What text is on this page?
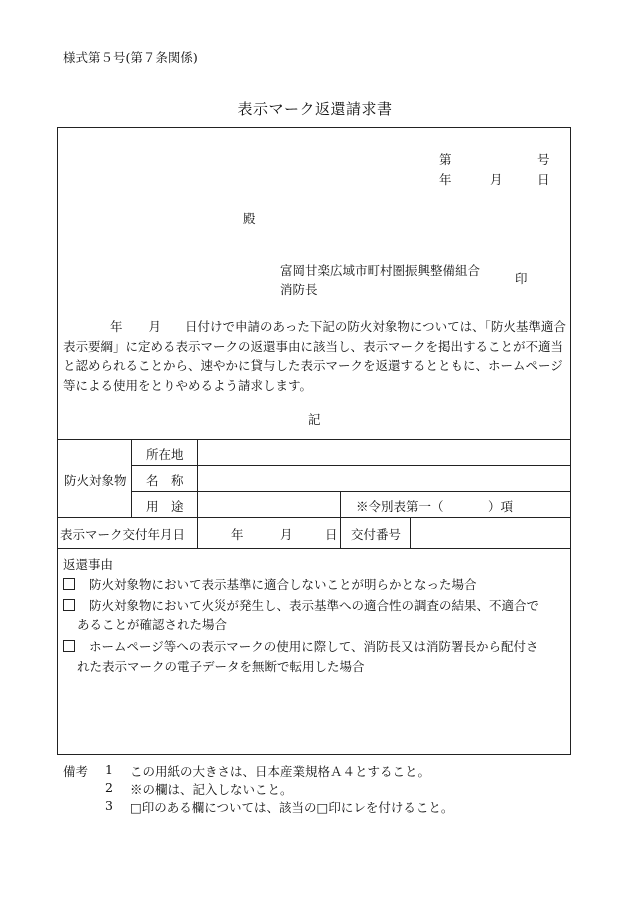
様式第５号(第７条関係)
表示マーク返還請求書
第	号
年	月	日
殿
富岡甘楽広域市町村圏振興整備組合
消防長
印
年 月 日付けで申請のあった下記の防火対象物については、「防火基準適合表示要綱」に定める表示マークの返還事由に該当し、表示マークを掲出することが不適当と認められることから、速やかに貸与した表示マークを返還するとともに、ホームページ等による使用をとりやめるよう請求します。
記
防火対象物
所在地
名　称
用　途	※令別表第一（	）項
表示マーク交付年月日	年	月	日 交付番号
返還事由
防火対象物において表示基準に適合しないことが明らかとなった場合
防火対象物において火災が発生し、表示基準への適合性の調査の結果、不適合で
あることが確認された場合
ホームページ等への表示マークの使用に際して、消防長又は消防署長から配付さ
れた表示マークの電子データを無断で転用した場合
備考 1 この用紙の大きさは、日本産業規格Ａ４とすること。
2 ※の欄は、記入しないこと。
3 □印のある欄については、該当の□印にレを付けること。
